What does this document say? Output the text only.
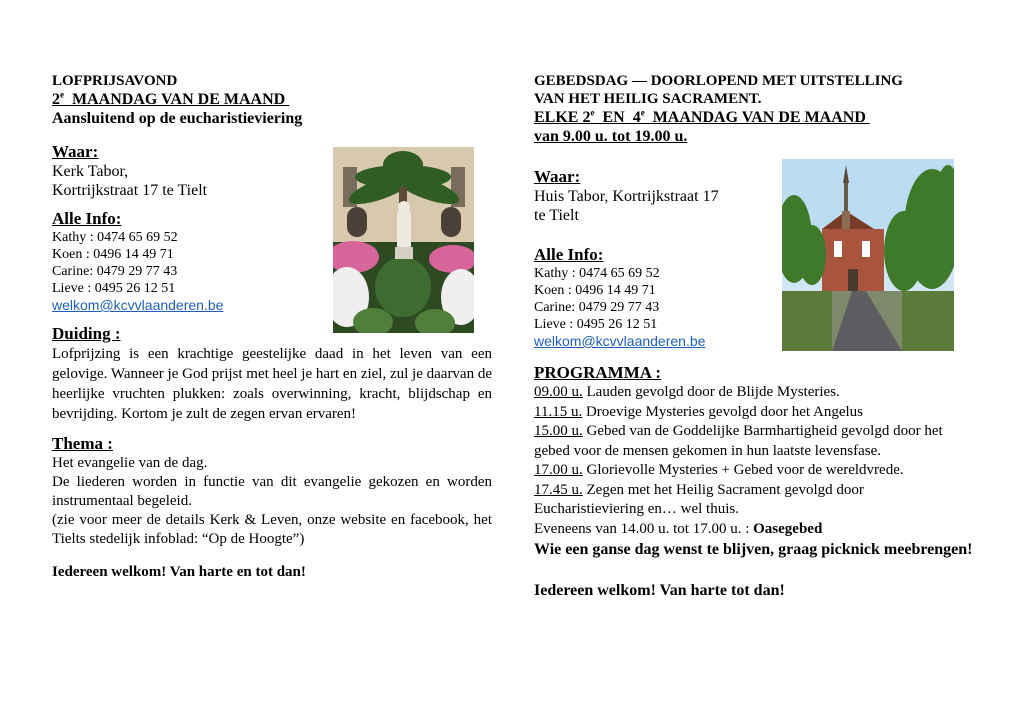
LOFPRIJSAVOND
2e  MAANDAG VAN DE MAAND
Aansluitend op de eucharistieviering
Waar:
Kerk Tabor,
Kortrijkstraat 17 te Tielt
Alle Info:
Kathy : 0474 65 69 52
Koen : 0496 14 49 71
Carine: 0479 29 77 43
Lieve : 0495 26 12 51
welkom@kcvvlaanderen.be
Duiding :
Lofprijzing is een krachtige geestelijke daad in het leven van een gelovige. Wanneer je God prijst met heel je hart en ziel, zul je daarvan de heerlijke vruchten plukken: zoals overwinning, kracht, blijdschap en bevrijding. Kortom je zult de zegen ervan ervaren!
Thema :
Het evangelie van de dag.
De liederen worden in functie van dit evangelie gekozen en worden instrumentaal begeleid.
(zie voor meer de details Kerk & Leven, onze website en facebook, het Tielts stedelijk infoblad: “Op de Hoogte”)
Iedereen welkom! Van harte en tot dan!
GEBEDSDAG — DOORLOPEND MET UITSTELLING
VAN HET HEILIG SACRAMENT.
ELKE 2e  EN  4e  MAANDAG VAN DE MAAND
van 9.00 u. tot 19.00 u.
Waar:
Huis Tabor, Kortrijkstraat 17
te Tielt
Alle Info:
Kathy : 0474 65 69 52
Koen : 0496 14 49 71
Carine: 0479 29 77 43
Lieve : 0495 26 12 51
welkom@kcvvlaanderen.be
PROGRAMMA :
09.00 u. Lauden gevolgd door de Blijde Mysteries.
11.15 u. Droevige Mysteries gevolgd door het Angelus
15.00 u. Gebed van de Goddelijke Barmhartigheid gevolgd door het gebed voor de mensen gekomen in hun laatste levensfase.
17.00 u. Glorievolle Mysteries + Gebed voor de wereldvrede.
17.45 u. Zegen met het Heilig Sacrament gevolgd door Eucharistieviering en… wel thuis.
Eveneens van 14.00 u. tot 17.00 u. : Oasegebed
Wie een ganse dag wenst te blijven, graag picknick meebrengen!
Iedereen welkom! Van harte tot dan!
